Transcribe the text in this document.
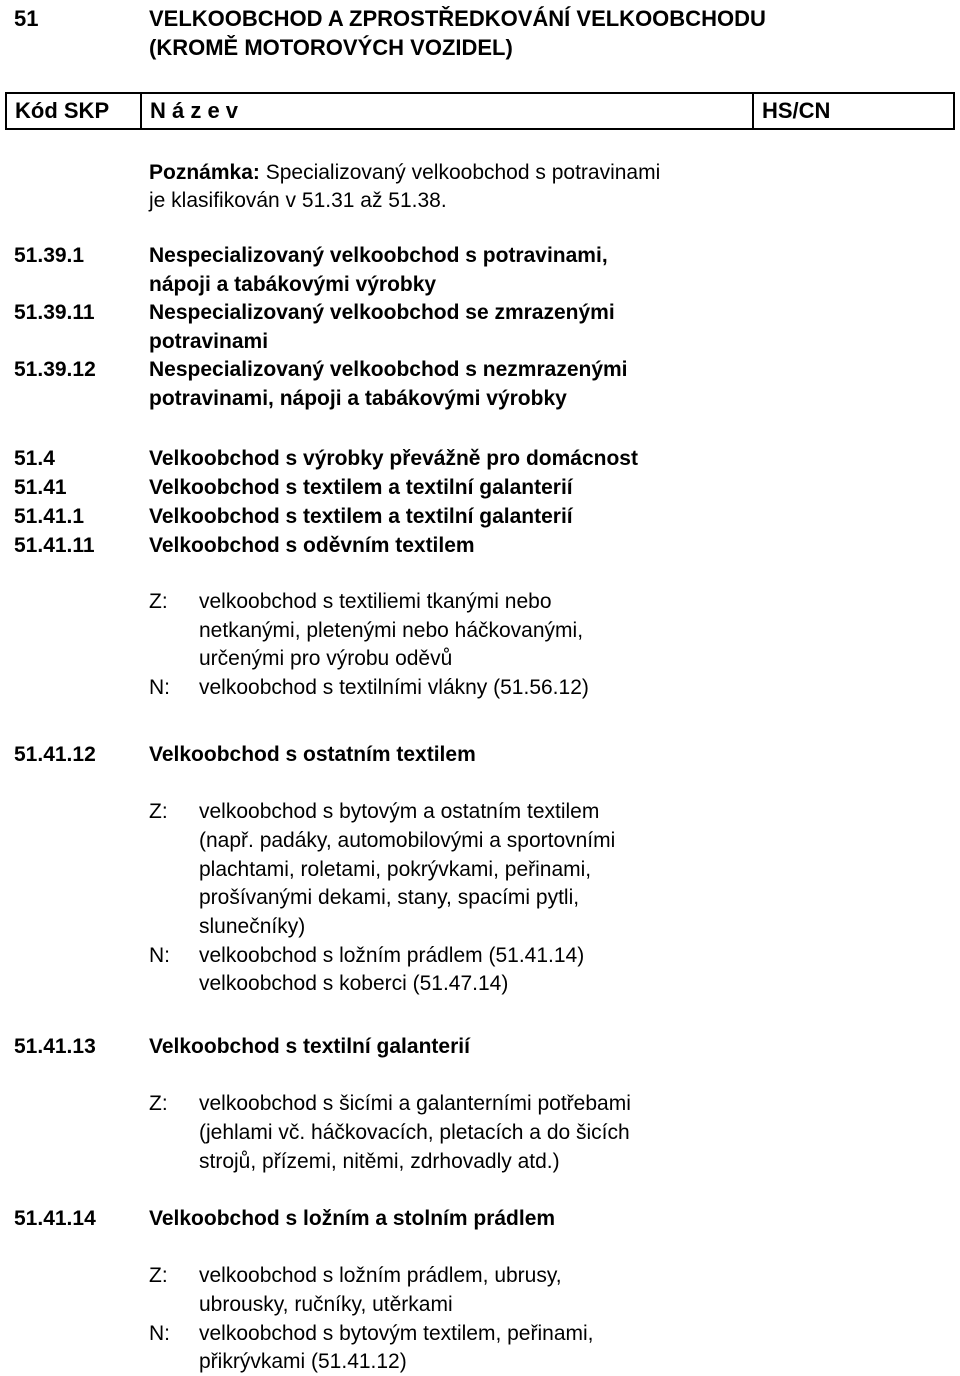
51	VELKOOBCHOD A ZPROSTŘEDKOVÁNÍ VELKOOBCHODU
(KROMĚ MOTOROVÝCH VOZIDEL)
Kód SKP	N á z e v	HS/CN
Poznámka: Specializovaný velkoobchod s potravinami
je klasifikován v 51.31 až 51.38.
51.39.1	Nespecializovaný velkoobchod s potravinami,
nápoji a tabákovými výrobky
51.39.11	Nespecializovaný velkoobchod se zmrazenými
potravinami
51.39.12	Nespecializovaný velkoobchod s nezmrazenými
potravinami, nápoji a tabákovými výrobky
51.4	Velkoobchod s výrobky převážně pro domácnost
51.41	Velkoobchod s textilem a textilní galanterií
51.41.1	Velkoobchod s textilem a textilní galanterií
51.41.11	Velkoobchod s oděvním textilem
Z: velkoobchod s textiliemi tkanými nebo
netkanými, pletenými nebo háčkovanými,
určenými pro výrobu oděvů
N: velkoobchod s textilními vlákny (51.56.12)
51.41.12	Velkoobchod s ostatním textilem
Z: velkoobchod s bytovým a ostatním textilem
(např. padáky, automobilovými a sportovními
plachtami, roletami, pokrývkami, peřinami,
prošívanými dekami, stany, spacími pytli,
slunečníky)
N: velkoobchod s ložním prádlem (51.41.14)
velkoobchod s koberci (51.47.14)
51.41.13	Velkoobchod s textilní galanterií
Z: velkoobchod s šicími a galanterními potřebami
(jehlami vč. háčkovacích, pletacích a do šicích
strojů, přízemi, nitěmi, zdrhovadly atd.)
51.41.14	Velkoobchod s ložním a stolním prádlem
Z: velkoobchod s ložním prádlem, ubrusy,
ubrousky, ručníky, utěrkami
N: velkoobchod s bytovým textilem, peřinami,
přikrývkami (51.41.12)
